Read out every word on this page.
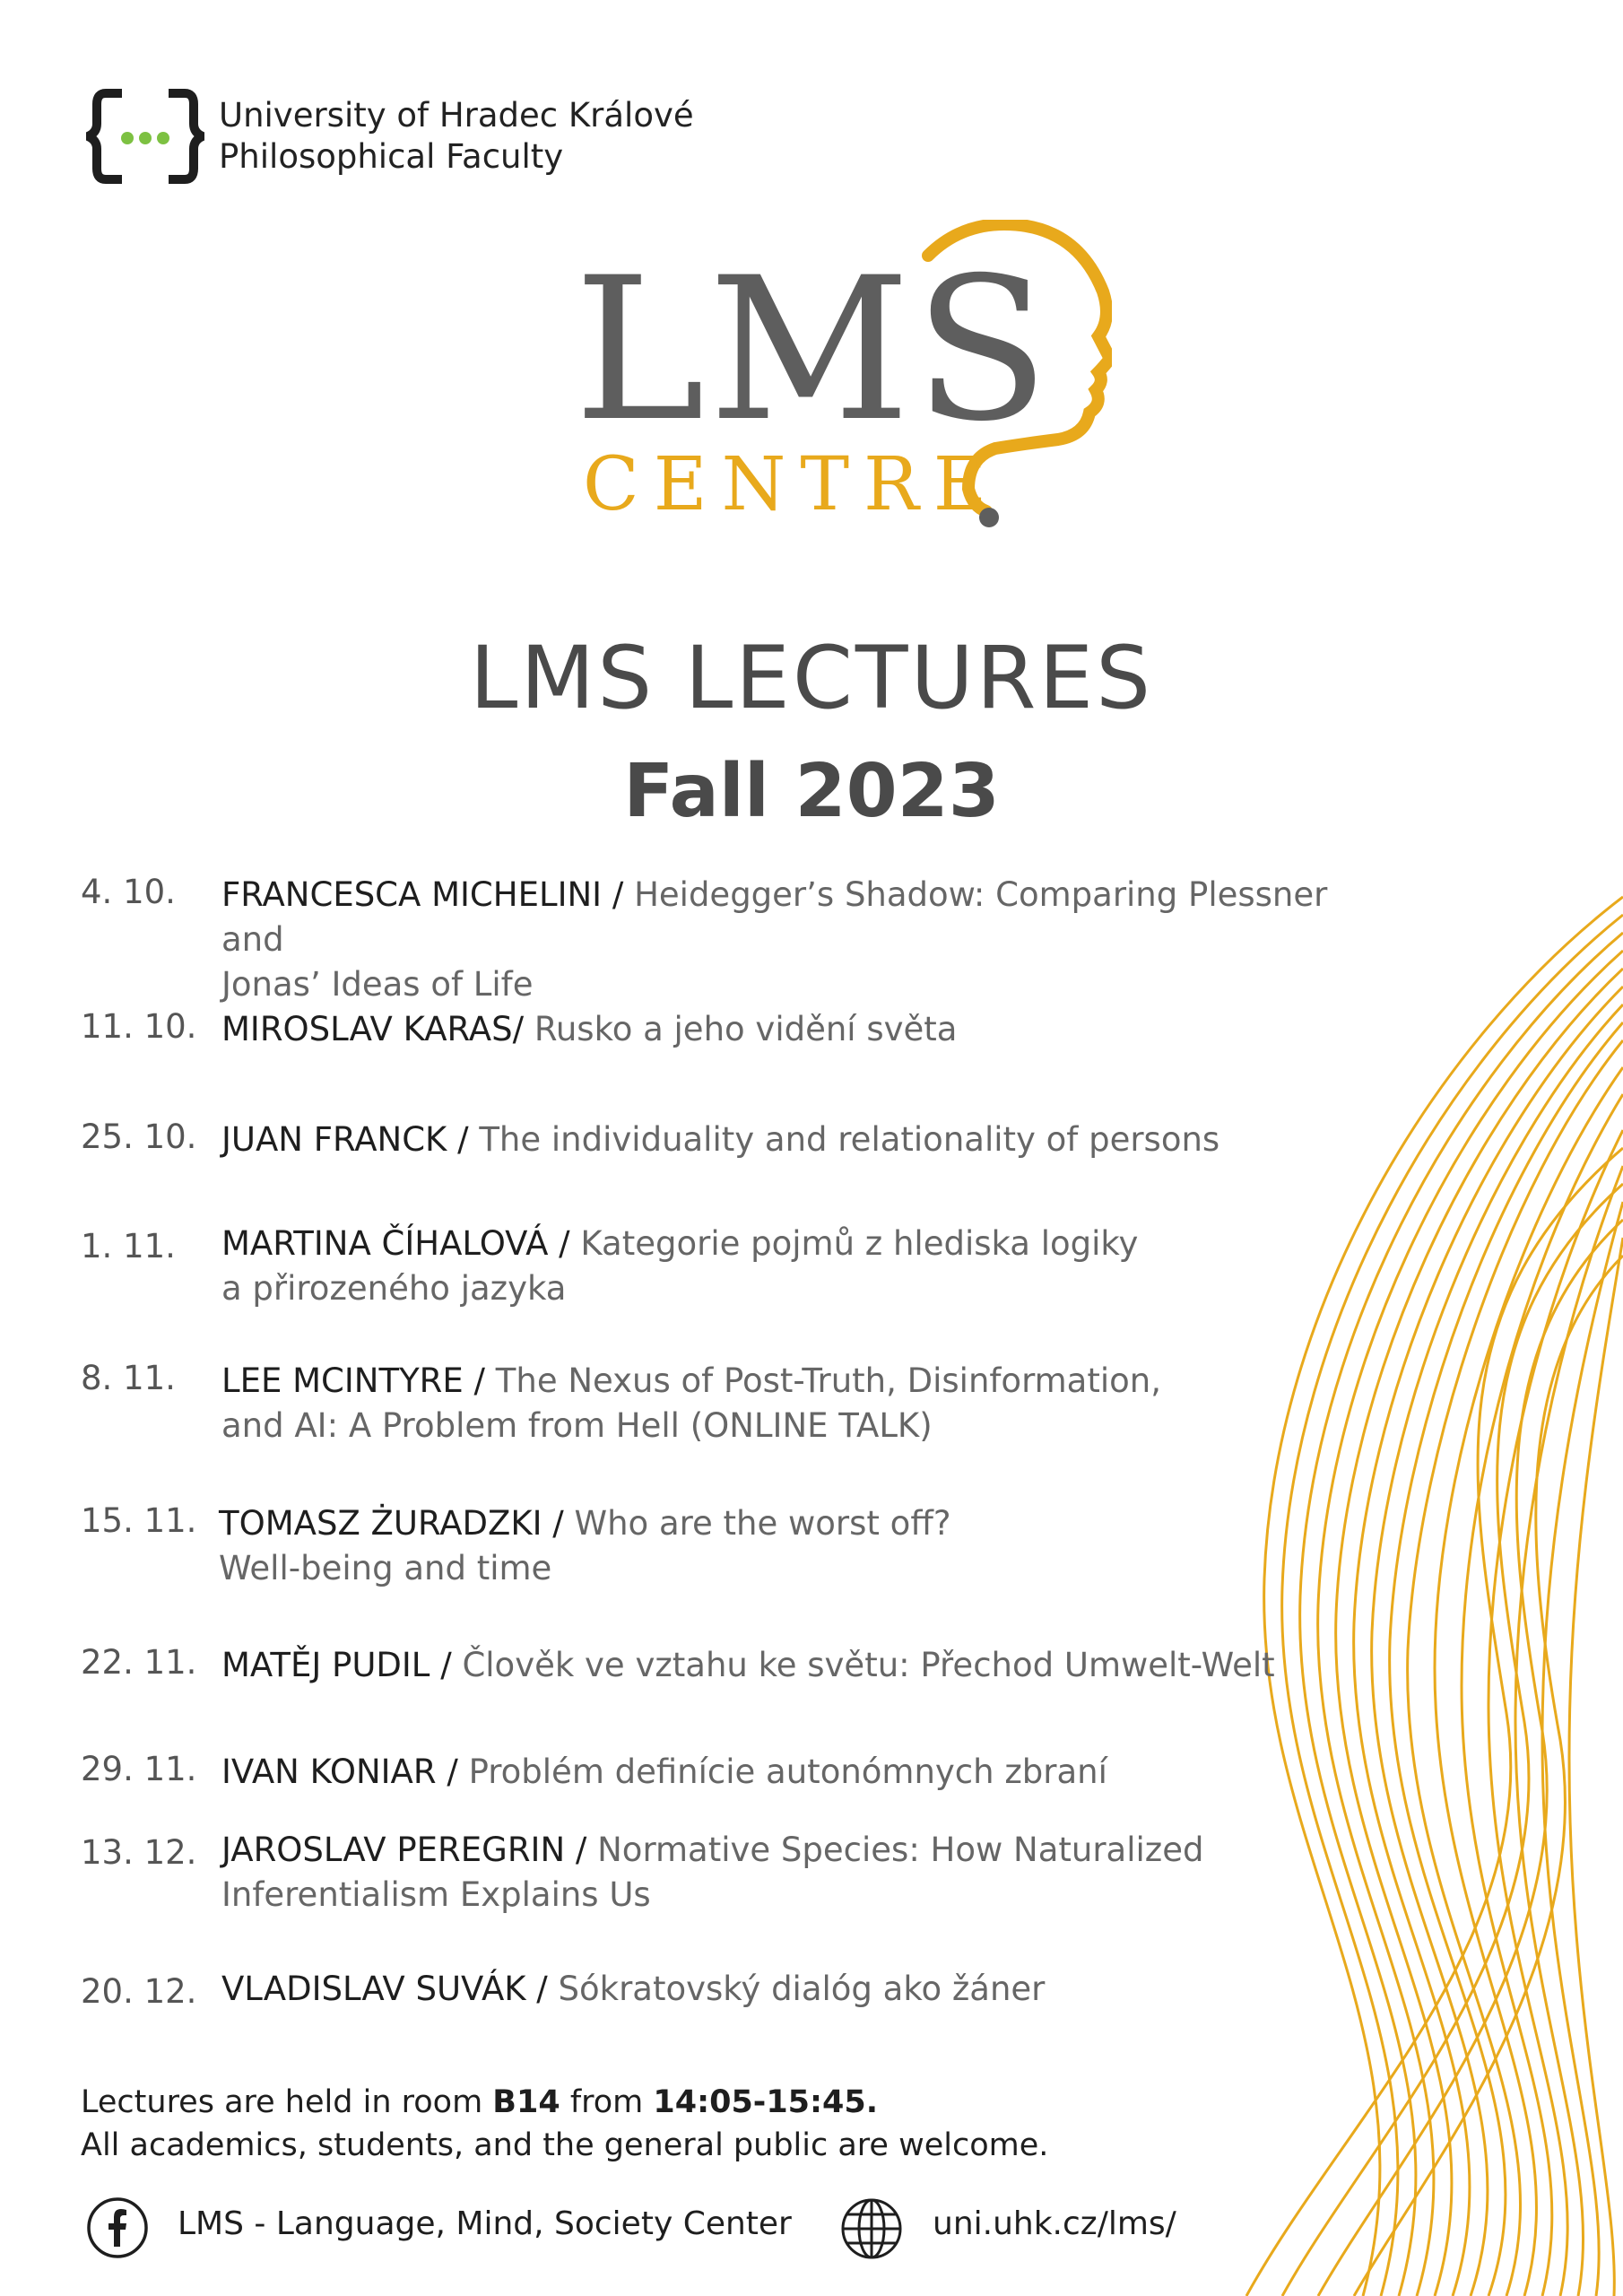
University of Hradec Králové
Philosophical Faculty
LMS
CENTRE
LMS LECTURES
Fall 2023
4. 10. FRANCESCA MICHELINI / Heidegger’s Shadow: Comparing Plessner and
Jonas’ Ideas of Life
11. 10. MIROSLAV KARAS/ Rusko a jeho vidění světa
25. 10. JUAN FRANCK / The individuality and relationality of persons
1. 11. MARTINA ČÍHALOVÁ / Kategorie pojmů z hlediska logiky
a přirozeného jazyka
8. 11. LEE MCINTYRE / The Nexus of Post-Truth, Disinformation,
and AI: A Problem from Hell (ONLINE TALK)
15. 11. TOMASZ ŻURADZKI / Who are the worst off?
Well-being and time
22. 11. MATĚJ PUDIL / Člověk ve vztahu ke světu: Přechod Umwelt-Welt
29. 11. IVAN KONIAR / Problém definície autonómnych zbraní
13. 12. JAROSLAV PEREGRIN / Normative Species: How Naturalized
Inferentialism Explains Us
20. 12. VLADISLAV SUVÁK / Sókratovský dialóg ako žáner
Lectures are held in room B14 from 14:05-15:45.
All academics, students, and the general public are welcome.
LMS - Language, Mind, Society Center	uni.uhk.cz/lms/
